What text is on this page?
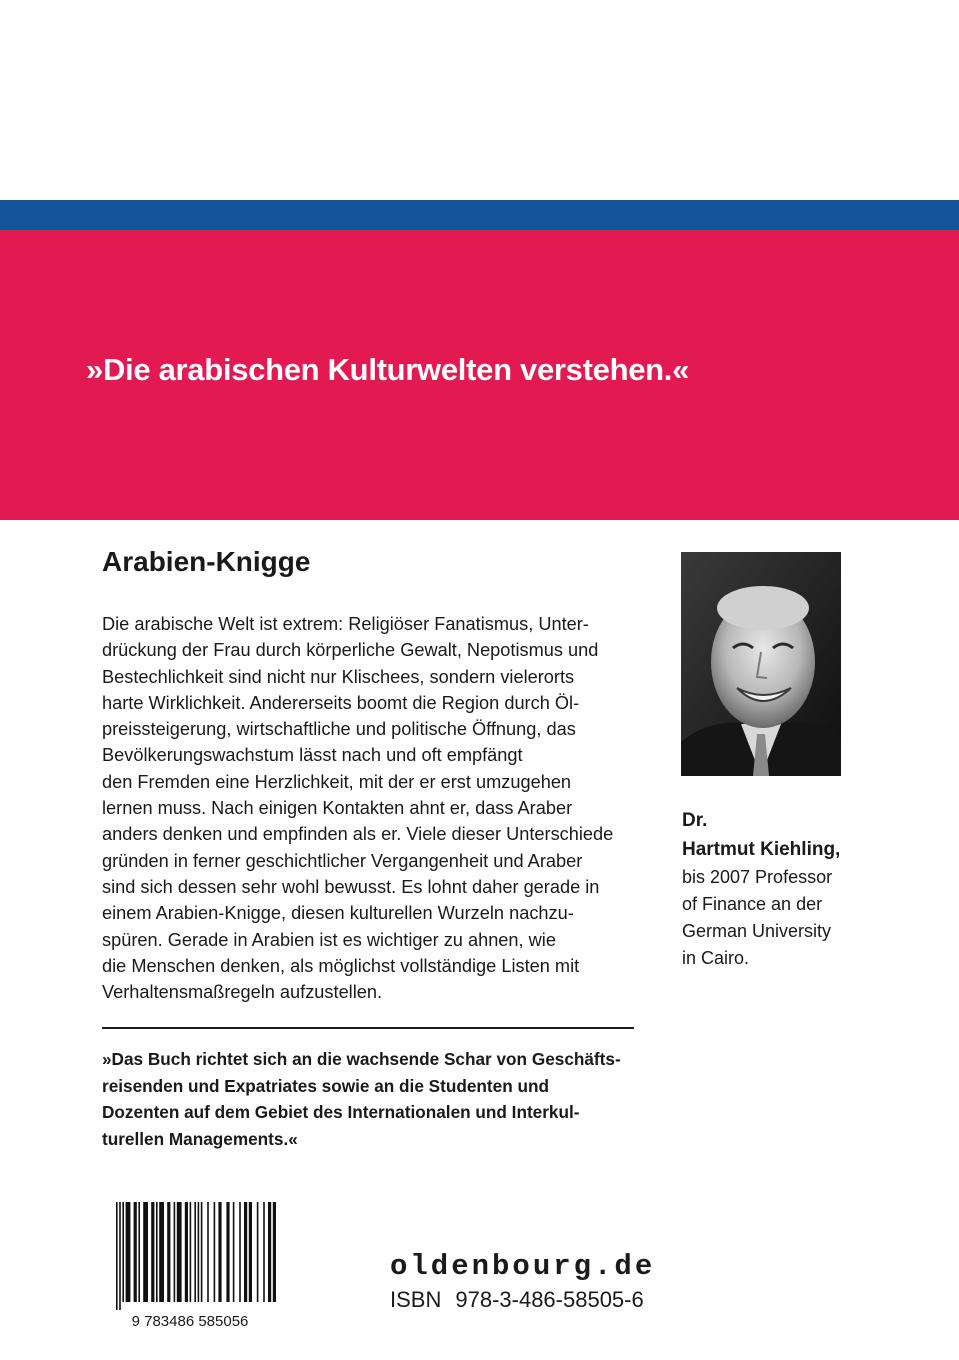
»Die arabischen Kulturwelten verstehen.«
Arabien-Knigge
Die arabische Welt ist extrem: Religiöser Fanatismus, Unter-
drückung der Frau durch körperliche Gewalt, Nepotismus und
Bestechlichkeit sind nicht nur Klischees, sondern vielerorts
harte Wirklichkeit. Andererseits boomt die Region durch Öl-
preissteigerung, wirtschaftliche und politische Öffnung, das
Bevölkerungswachstum lässt nach und oft empfängt
den Fremden eine Herzlichkeit, mit der er erst umzugehen
lernen muss. Nach einigen Kontakten ahnt er, dass Araber
anders denken und empfinden als er. Viele dieser Unterschiede
gründen in ferner geschichtlicher Vergangenheit und Araber
sind sich dessen sehr wohl bewusst. Es lohnt daher gerade in
einem Arabien-Knigge, diesen kulturellen Wurzeln nachzu-
spüren. Gerade in Arabien ist es wichtiger zu ahnen, wie
die Menschen denken, als möglichst vollständige Listen mit
Verhaltensmaßregeln aufzustellen.
»Das Buch richtet sich an die wachsende Schar von Geschäfts-
reisenden und Expatriates sowie an die Studenten und
Dozenten auf dem Gebiet des Internationalen und Interkul-
turellen Managements.«
Dr.
Hartmut Kiehling,
bis 2007 Professor
of Finance an der
German University
in Cairo.
9 783486 585056
oldenbourg.de
ISBN 978-3-486-58505-6
